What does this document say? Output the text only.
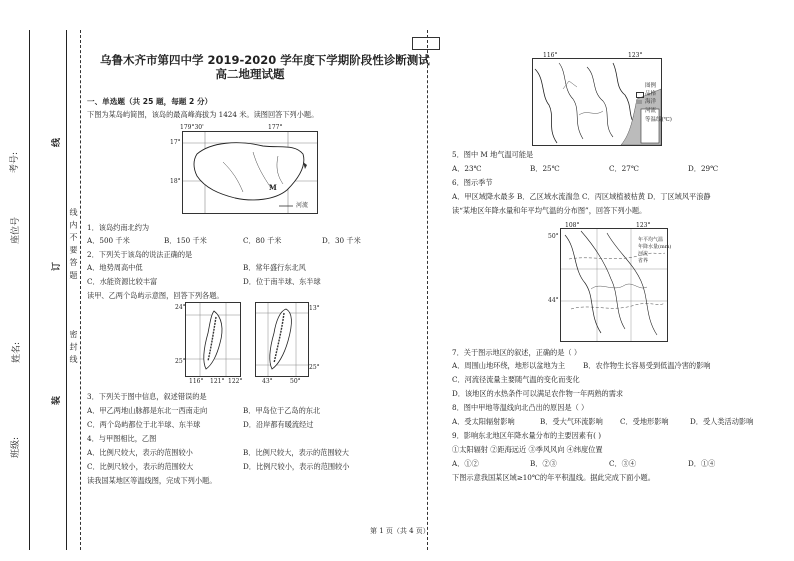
考号:
座位号
姓名:
班级:
线
订
装
线 内 不 要 答 题
密 封 线
乌鲁木齐市第四中学 2019-2020 学年度下学期阶段性诊断测试
高二地理试题
一、单选题（共 25 题，每题 2 分）
下图为某岛屿简图，该岛的最高峰海拔为 1424 米。读图回答下列小题。
179°30'	177°
17°
18°
M
河流
1．该岛约南北约为
A．500 千米	B．150 千米	C．80 千米	D．30 千米
2．下列关于该岛的说法正确的是
A．地势周高中低	B．常年盛行东北风
C．水能资源比较丰富	D．位于南半球、东半球
读甲、乙两个岛屿示意图，回答下列各题。
24°
25°
116° 121° 122°
13°
25°
43°	50°
3．下列关于图中信息，叙述错误的是
A．甲乙两地山脉都是东北一西南走向	B．甲岛位于乙岛的东北
C．两个岛屿都位于北半球、东半球	D．沿岸都有暖流经过
4．与甲图相比，乙图
A．比例尺较大，表示的范围较小	B．比例尺较大，表示的范围较大
C．比例尺较小，表示的范围较大	D．比例尺较小，表示的范围较小
读我国某地区等温线图，完成下列小题。
116°	123°
图例
品格
海洋
河流
等温线(℃)
5．图中 M 地气温可能是
A．23℃	B．25℃	C．27℃	D．29℃
6．图示季节
A．甲区域降水最多 B．乙区域水流湍急 C．丙区域植被枯黄 D．丁区域风平浪静
读“某地区年降水量和年平均气温的分布图”，回答下列小题。
108°	123°
50°
44°
年平均气温
年降水量(mm)
河流
省界
7．关于图示地区的叙述，正确的是（ ）
A．周围山地环绕，地形以盆地为主 B．农作物生长容易受到低温冷害的影响
C．河流径流量主要随气温的变化而变化
D．该地区的水热条件可以满足农作物一年两熟的需求
8．图中甲地等温线向北凸出的原因是（ ）
A．受太阳辐射影响	B．受大气环流影响 C．受地形影响	D．受人类活动影响
9．影响东北地区年降水量分布的主要因素有( )
①太阳辐射 ②距海远近 ③季风风向 ④纬度位置
A．①②	B．②③	C．③④	D．①④
下图示意我国某区域≥10℃的年平积温线。据此完成下面小题。
第 1 页（共 4 页）
